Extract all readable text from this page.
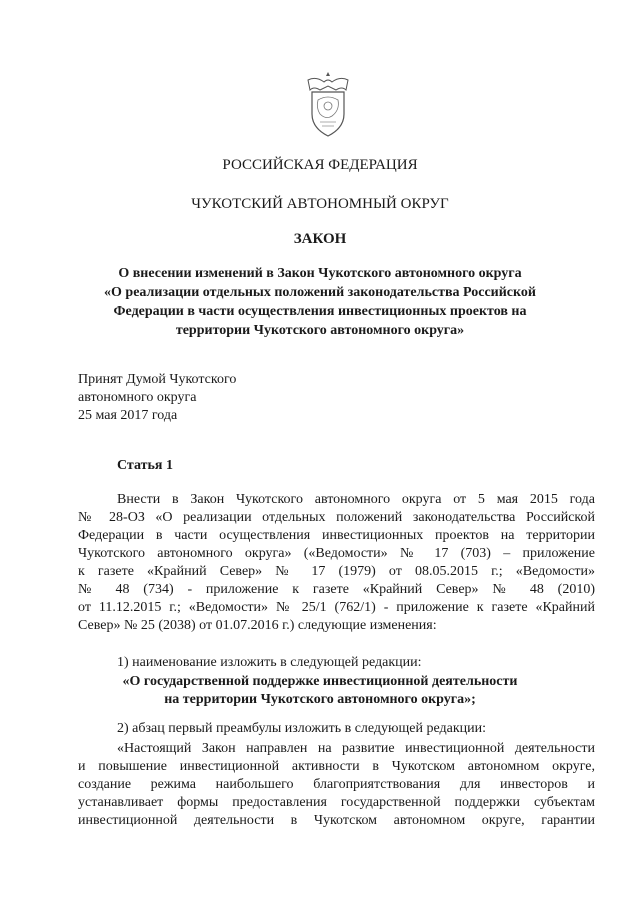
РОССИЙСКАЯ ФЕДЕРАЦИЯ
ЧУКОТСКИЙ АВТОНОМНЫЙ ОКРУГ
ЗАКОН
О внесении изменений в Закон Чукотского автономного округа
«О реализации отдельных положений законодательства Российской
Федерации в части осуществления инвестиционных проектов на
территории Чукотского автономного округа»
Принят Думой Чукотского
автономного округа
25 мая 2017 года
Статья 1
Внести в Закон Чукотского автономного округа от 5 мая 2015 года
№ 28-ОЗ «О реализации отдельных положений законодательства Российской
Федерации в части осуществления инвестиционных проектов на территории
Чукотского автономного округа» («Ведомости» № 17 (703) – приложение
к газете «Крайний Север» № 17 (1979) от 08.05.2015 г.; «Ведомости»
№ 48 (734) - приложение к газете «Крайний Север» № 48 (2010)
от 11.12.2015 г.; «Ведомости» № 25/1 (762/1) - приложение к газете «Крайний
Север» № 25 (2038) от 01.07.2016 г.) следующие изменения:
1) наименование изложить в следующей редакции:
«О государственной поддержке инвестиционной деятельности
на территории Чукотского автономного округа»;
2) абзац первый преамбулы изложить в следующей редакции:
«Настоящий Закон направлен на развитие инвестиционной деятельности
и повышение инвестиционной активности в Чукотском автономном округе,
создание режима наибольшего благоприятствования для инвесторов и
устанавливает формы предоставления государственной поддержки субъектам
инвестиционной деятельности в Чукотском автономном округе, гарантии
